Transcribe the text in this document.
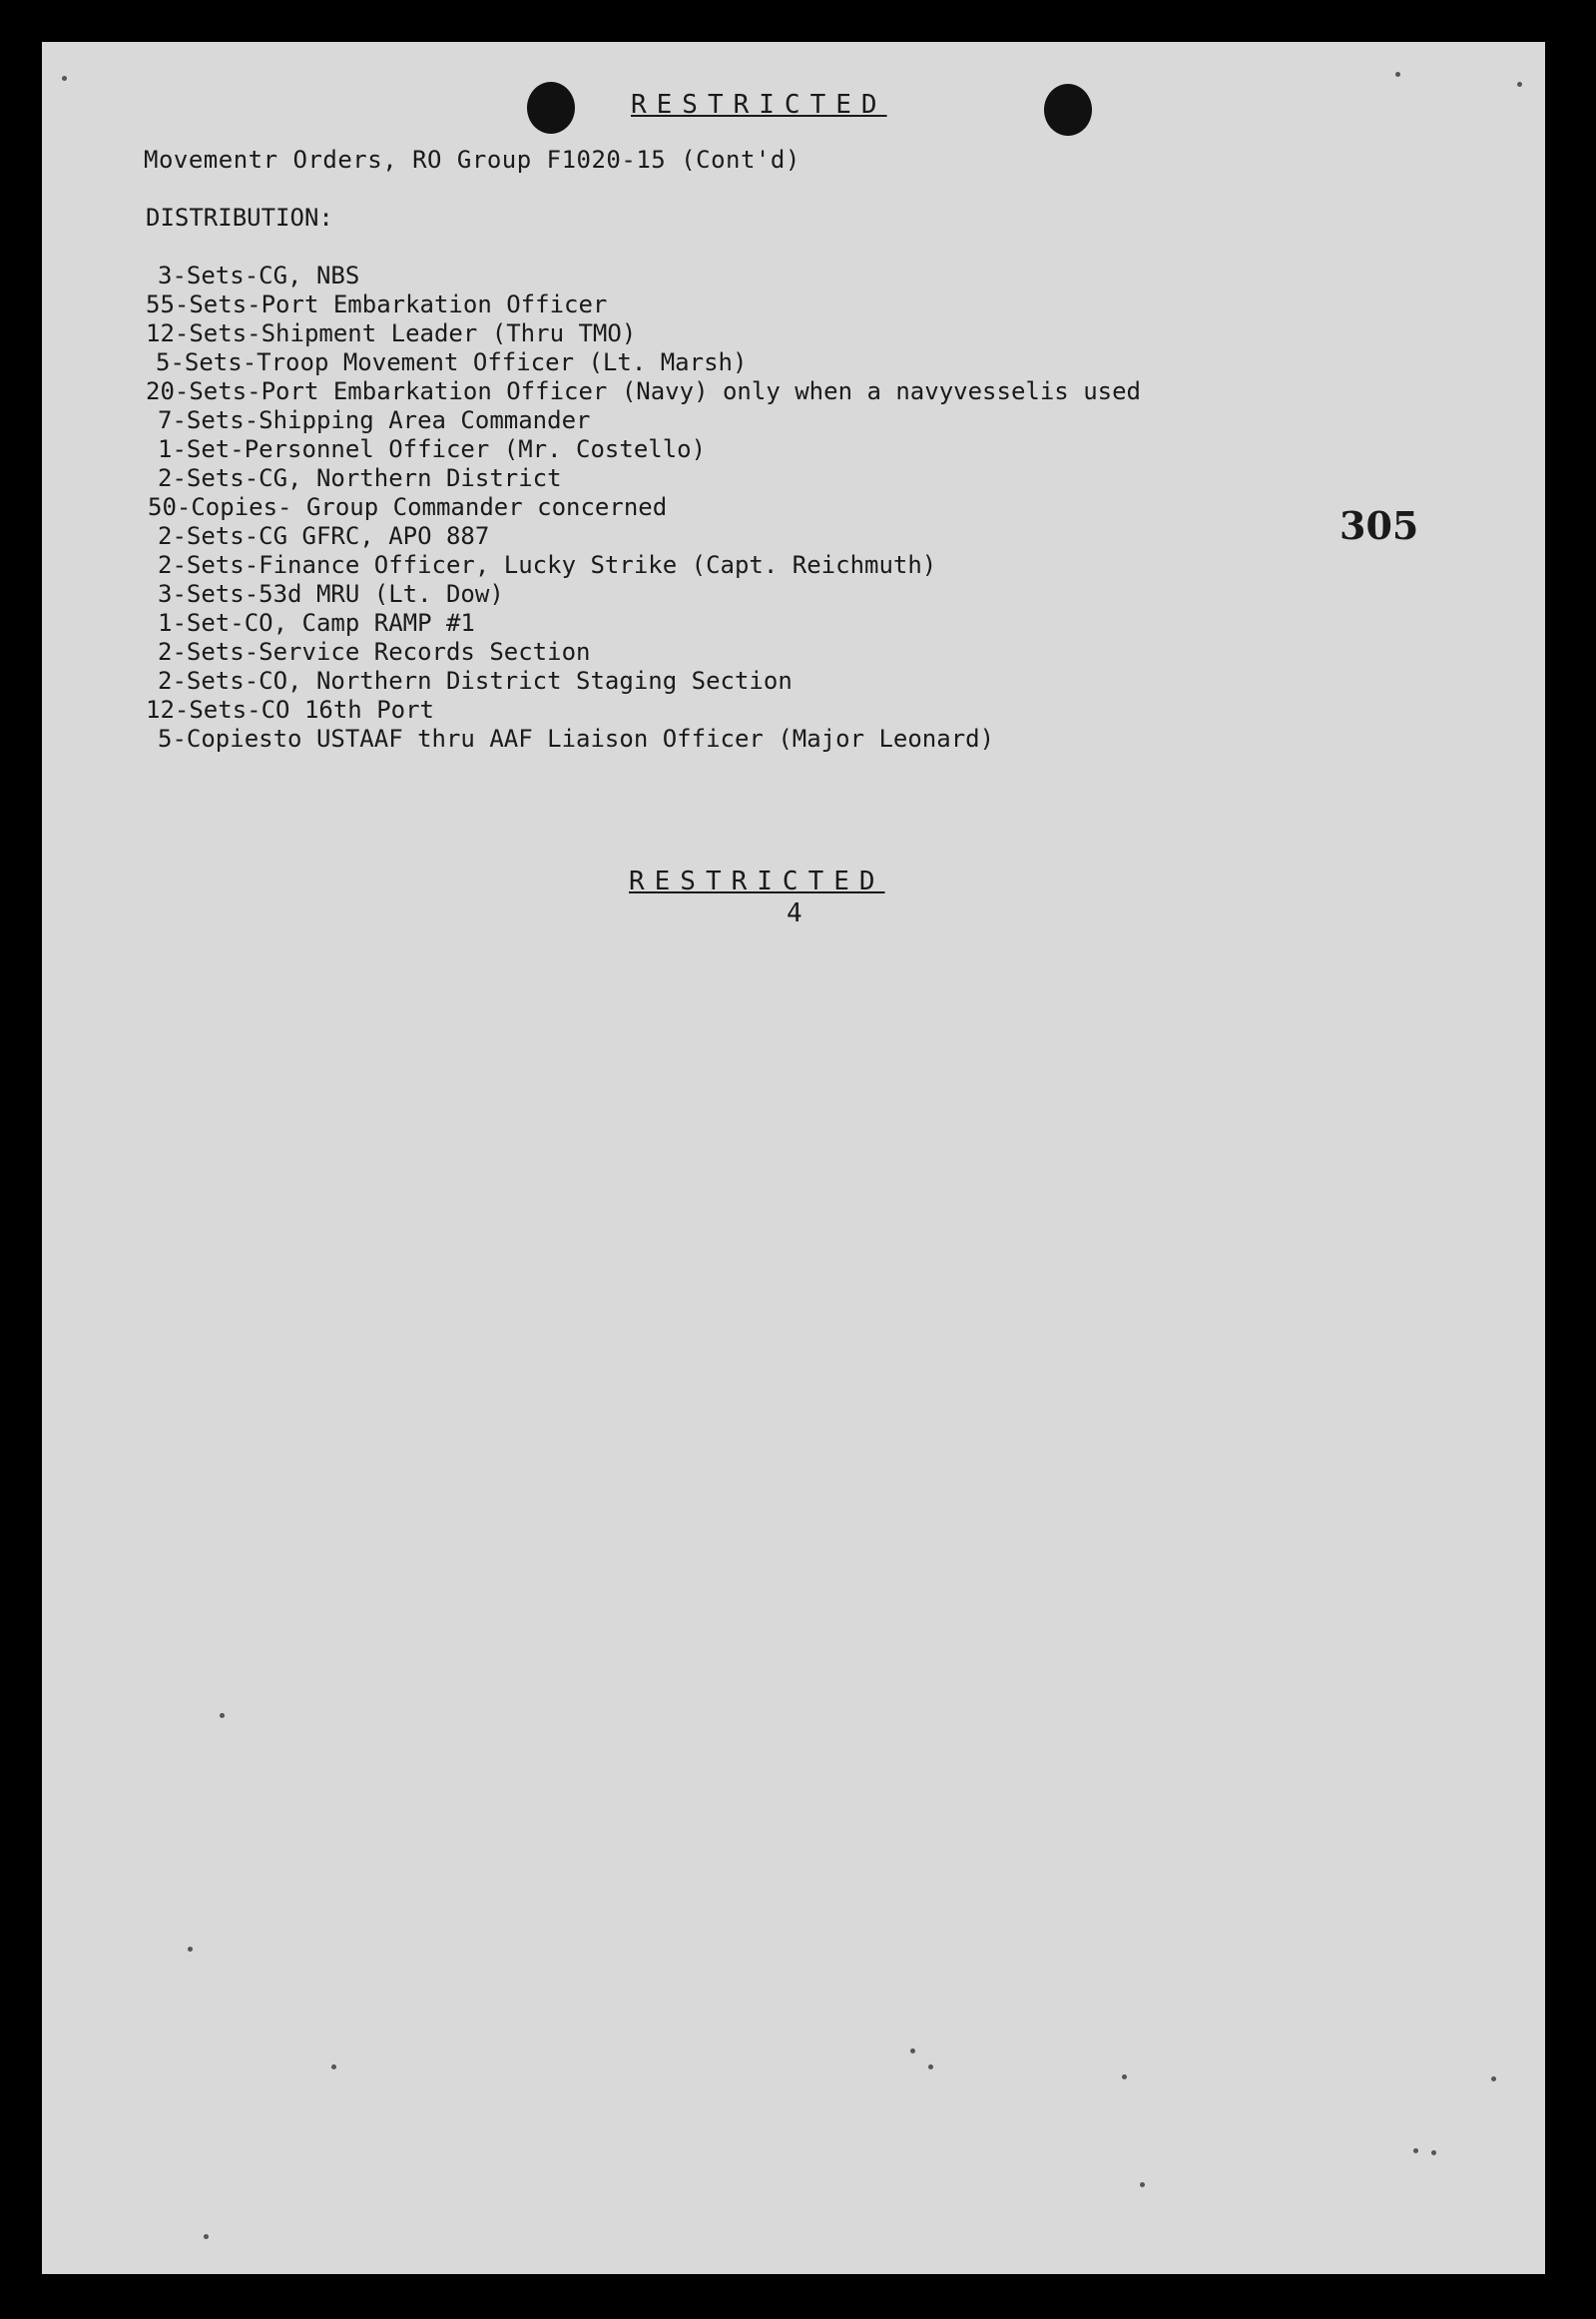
RESTRICTED
Movementr Orders, RO Group F1020-15 (Cont'd)
DISTRIBUTION:
3-Sets-CG, NBS
55-Sets-Port Embarkation Officer
12-Sets-Shipment Leader (Thru TMO)
5-Sets-Troop Movement Officer (Lt. Marsh)
20-Sets-Port Embarkation Officer (Navy) only when a navyvesselis used
7-Sets-Shipping Area Commander
1-Set-Personnel Officer (Mr. Costello)
2-Sets-CG, Northern District
50-Copies- Group Commander concerned
2-Sets-CG GFRC, APO 887
2-Sets-Finance Officer, Lucky Strike (Capt. Reichmuth)
3-Sets-53d MRU (Lt. Dow)
1-Set-CO, Camp RAMP #1
2-Sets-Service Records Section
2-Sets-CO, Northern District Staging Section
12-Sets-CO 16th Port
5-Copiesto USTAAF thru AAF Liaison Officer (Major Leonard)
305
RESTRICTED
4
